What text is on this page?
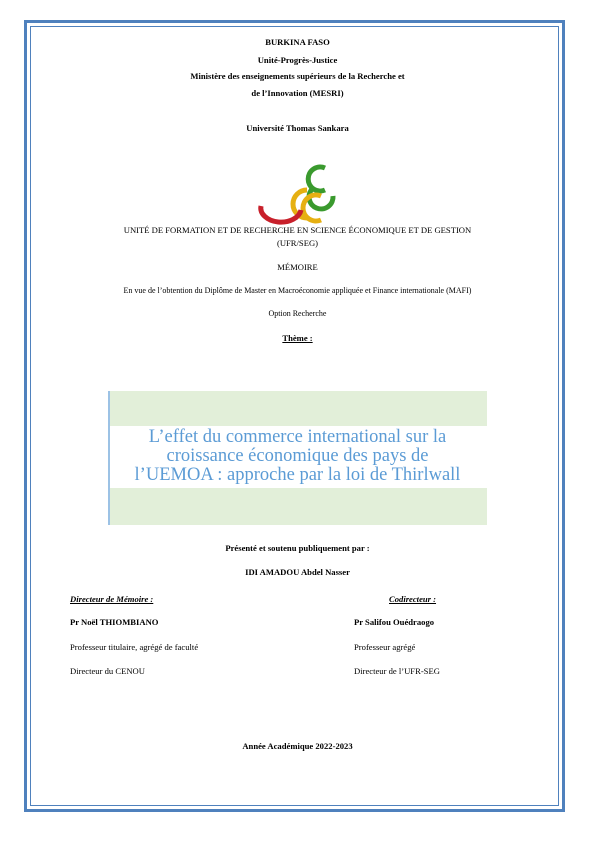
BURKINA FASO
Unité-Progrès-Justice
Ministère des enseignements supérieurs de la Recherche et
de l’Innovation (MESRI)
Université Thomas Sankara
UNITÉ DE FORMATION ET DE RECHERCHE EN SCIENCE ÉCONOMIQUE ET DE GESTION
(UFR/SEG)
MÉMOIRE
En vue de l’obtention du Diplôme de Master en Macroéconomie appliquée et Finance internationale (MAFI)
Option Recherche
Thème :
L’effet du commerce international sur la
croissance économique des pays de
l’UEMOA : approche par la loi de Thirlwall
Présenté et soutenu publiquement par :
IDI AMADOU Abdel Nasser
Directeur de Mémoire :
Pr Noël THIOMBIANO
Professeur titulaire, agrégé de faculté
Directeur du CENOU
Codirecteur :
Pr Salifou Ouédraogo
Professeur agrégé
Directeur de l’UFR-SEG
Année Académique 2022-2023
